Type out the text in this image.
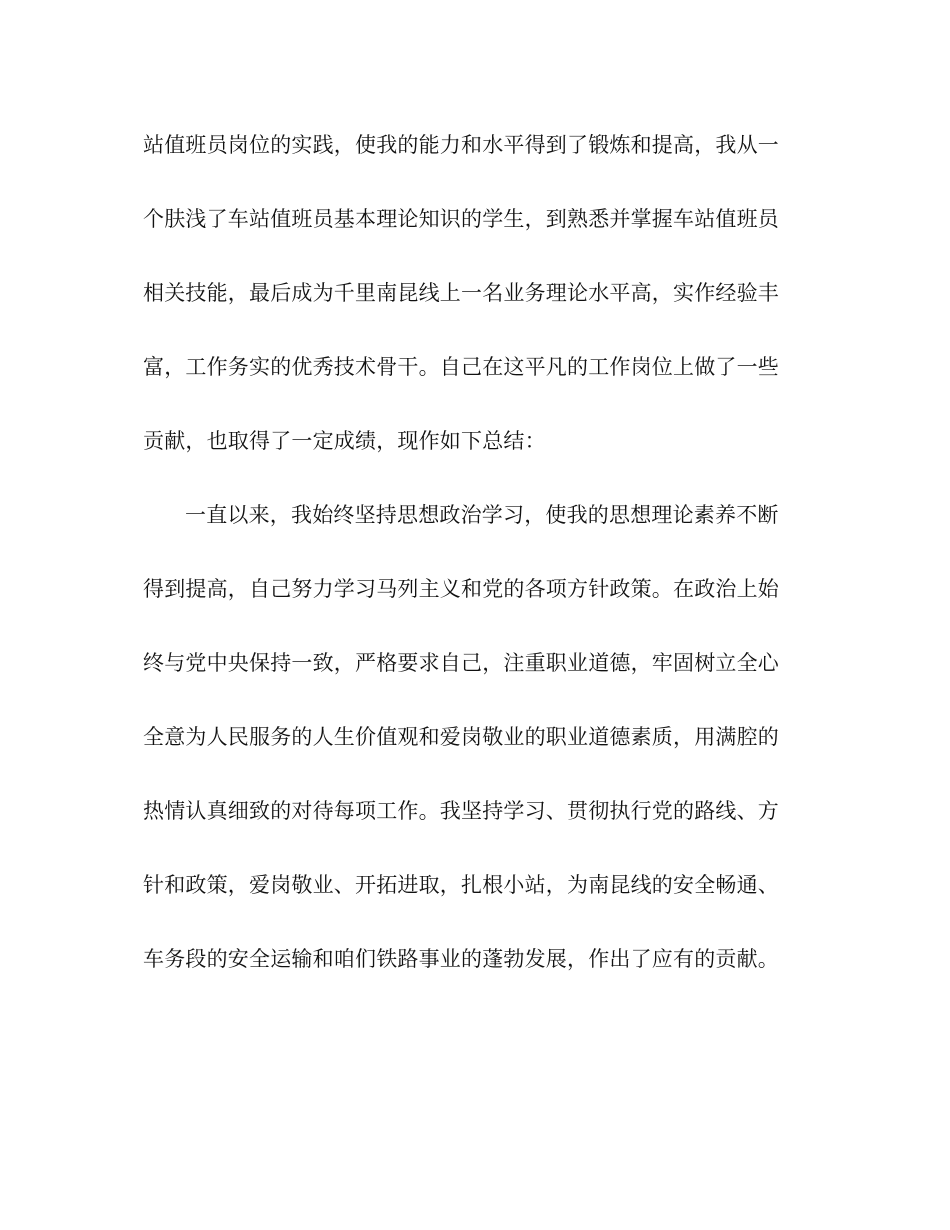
站值班员岗位的实践，使我的能力和水平得到了锻炼和提高，我从一
个肤浅了车站值班员基本理论知识的学生，到熟悉并掌握车站值班员
相关技能，最后成为千里南昆线上一名业务理论水平高，实作经验丰
富，工作务实的优秀技术骨干。自己在这平凡的工作岗位上做了一些
贡献，也取得了一定成绩，现作如下总结：
一直以来，我始终坚持思想政治学习，使我的思想理论素养不断
得到提高，自己努力学习马列主义和党的各项方针政策。在政治上始
终与党中央保持一致，严格要求自己，注重职业道德，牢固树立全心
全意为人民服务的人生价值观和爱岗敬业的职业道德素质，用满腔的
热情认真细致的对待每项工作。我坚持学习、贯彻执行党的路线、方
针和政策，爱岗敬业、开拓进取，扎根小站，为南昆线的安全畅通、
车务段的安全运输和咱们铁路事业的蓬勃发展，作出了应有的贡献。
